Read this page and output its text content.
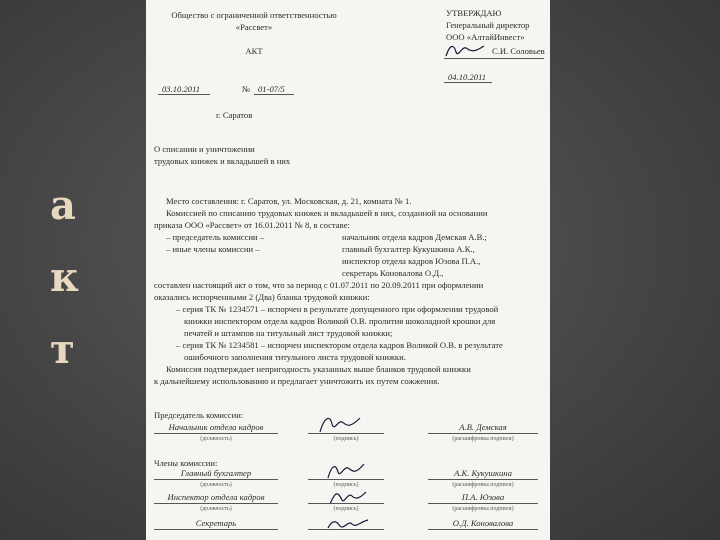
а
к
т
Общество с ограниченной ответственностью
«Рассвет»
АКТ
03.10.2011	№ 01-07/5
г. Саратов
УТВЕРЖДАЮ
Генеральный директор
ООО «АлтайИнвест»
С.И. Соловьев
04.10.2011
О списании и уничтожении
трудовых книжек и вкладышей в них
Место составления: г. Саратов, ул. Московская, д. 21, комната № 1.
Комиссией по списанию трудовых книжек и вкладышей в них, созданной на основании
приказа ООО «Рассвет» от 16.01.2011 № 8, в составе:
– председатель комиссии –	начальник отдела кадров Демская А.В.;
– иные члены комиссии –	главный бухгалтер Кукушкина А.К.,
инспектор отдела кадров Юзова П.А.,
секретарь Коновалова О.Д.,
составлен настоящий акт о том, что за период с 01.07.2011 по 20.09.2011 при оформлении
оказались испорченными 2 (Два) бланка трудовой книжки:
– серия ТК № 1234571 – испорчен в результате допущенного при оформлении трудовой
книжки инспектором отдела кадров Воликой О.В. пролития шоколадной крошки для
печатей и штампов на титульный лист трудовой книжки;
– серия ТК № 1234581 – испорчен инспектором отдела кадров Воликой О.В. в результате
ошибочного заполнения титульного листа трудовой книжки.
Комиссия подтверждает непригодность указанных выше бланков трудовой книжки
к дальнейшему использованию и предлагает уничтожить их путем сожжения.
Председатель комиссии:
Начальник отдела кадров	А.В. Демская
(должность)	(подпись)	(расшифровка подписи)
Члены комиссии:
Главный бухгалтер	А.К. Кукушкина
(должность)	(подпись)	(расшифровка подписи)
Инспектор отдела кадров	П.А. Юзова
(должность)	(подпись)	(расшифровка подписи)
Секретарь	О.Д. Коновалова
